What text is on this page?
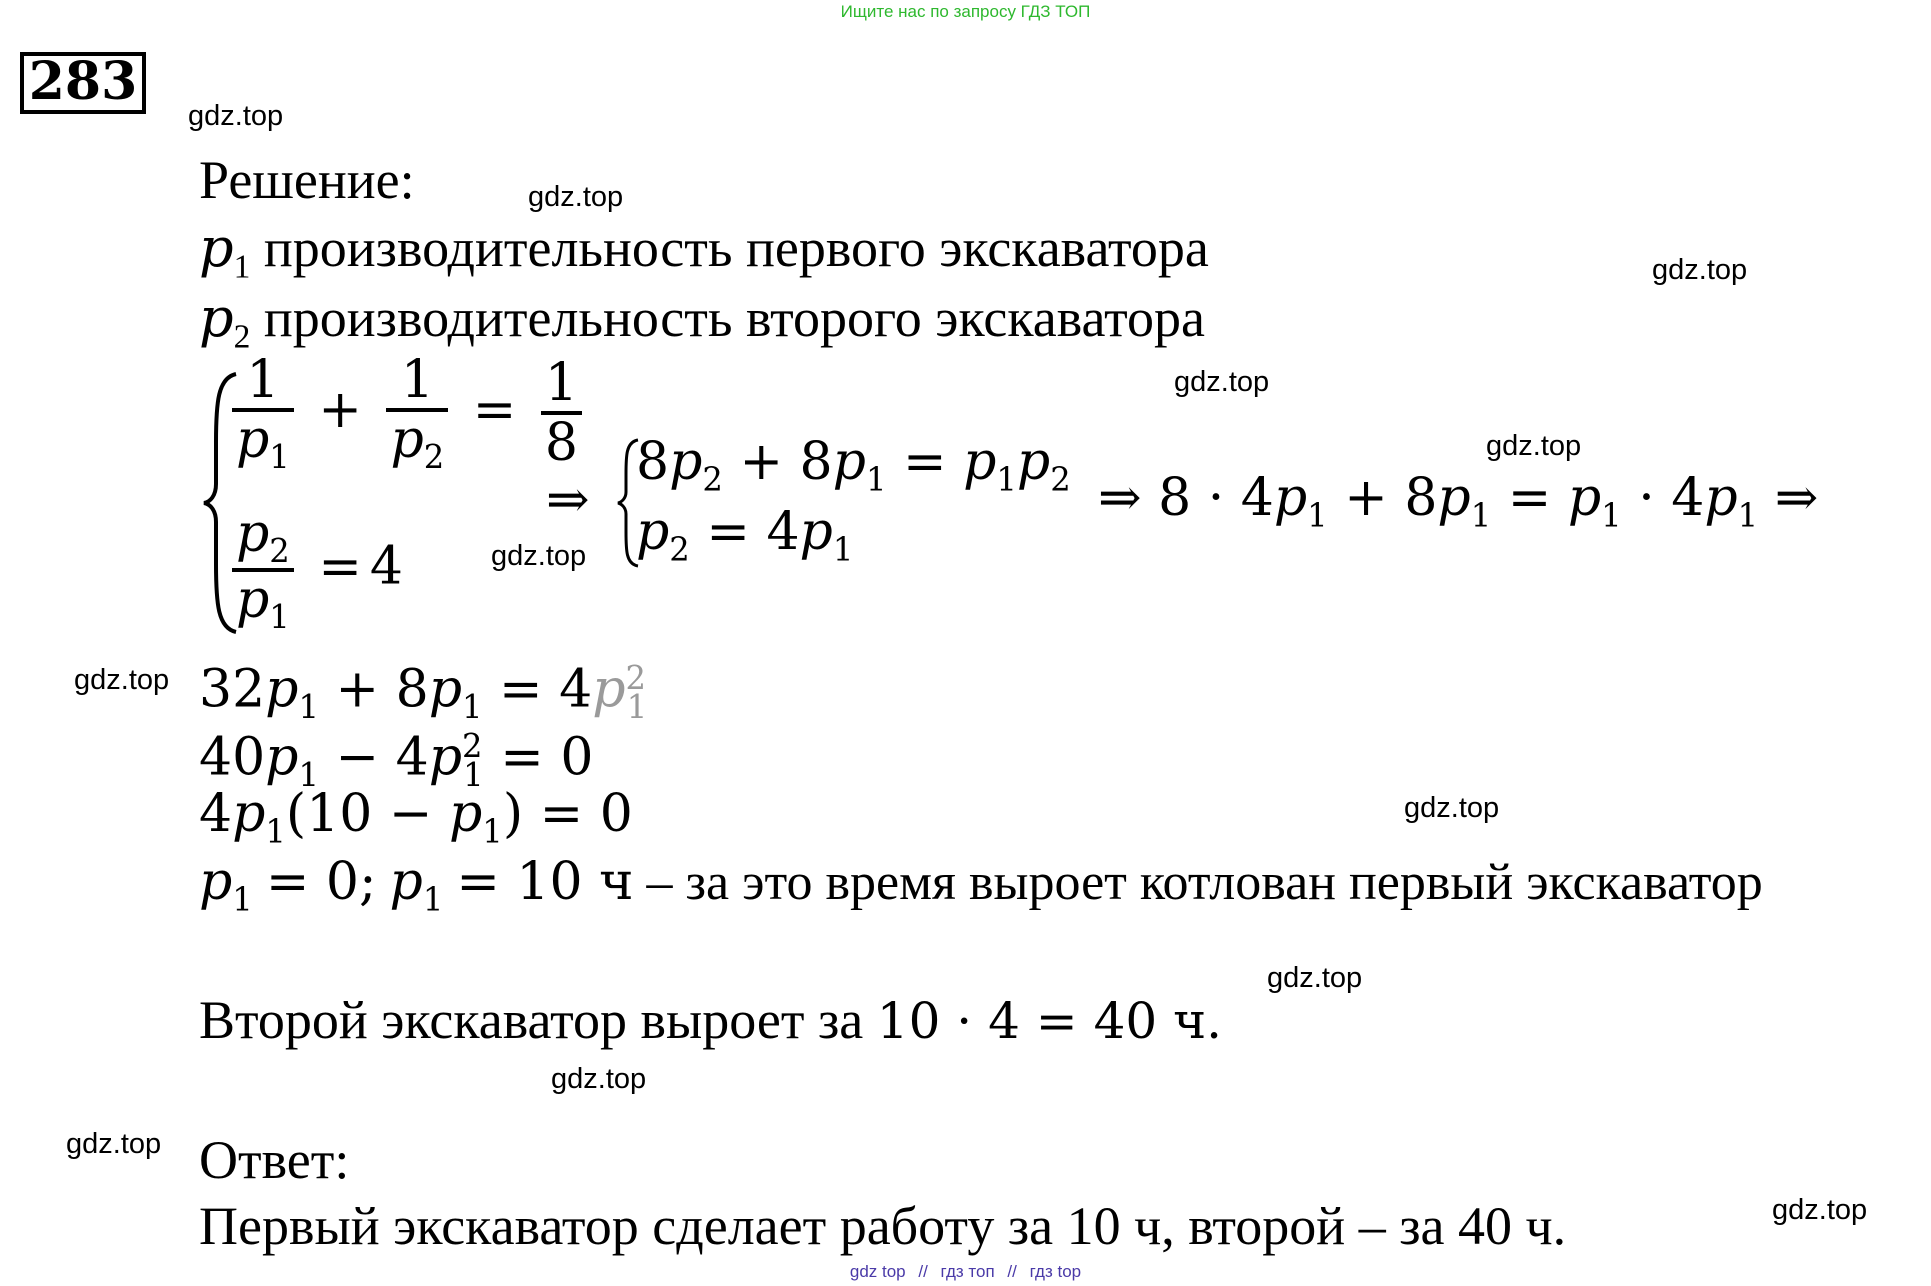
Ищите нас по запросу ГДЗ ТОП
283
gdz.top
gdz.top
gdz.top
gdz.top
gdz.top
gdz.top
gdz.top
gdz.top
gdz.top
gdz.top
gdz.top
gdz.top
Решение:
$p_1$ производительность первого экскаватора
$p_2$ производительность второго экскаватора
$\frac{1}{p_1} + \frac{1}{p_2} = \frac{1}{8}$
$\frac{p_2}{p_1} = 4$
⇒
$8p_2 + 8p_1 = p_1p_2$
$p_2 = 4p_1$
⇒ $8 \cdot 4p_1 + 8p_1 = p_1 \cdot 4p_1$ ⇒
$32p_1 + 8p_1 = 4p^2_1$
$40p_1 - 4p^2_1 = 0$
$4p_1(10 - p_1) = 0$
$p_1 = 0$; $p_1 = 10$ ч – за это время выроет котлован первый экскаватор
Второй экскаватор выроет за 10 · 4 = 40 ч.
Ответ:
Первый экскаватор сделает работу за 10 ч, второй – за 40 ч.
gdz top // гдз топ // гдз top
